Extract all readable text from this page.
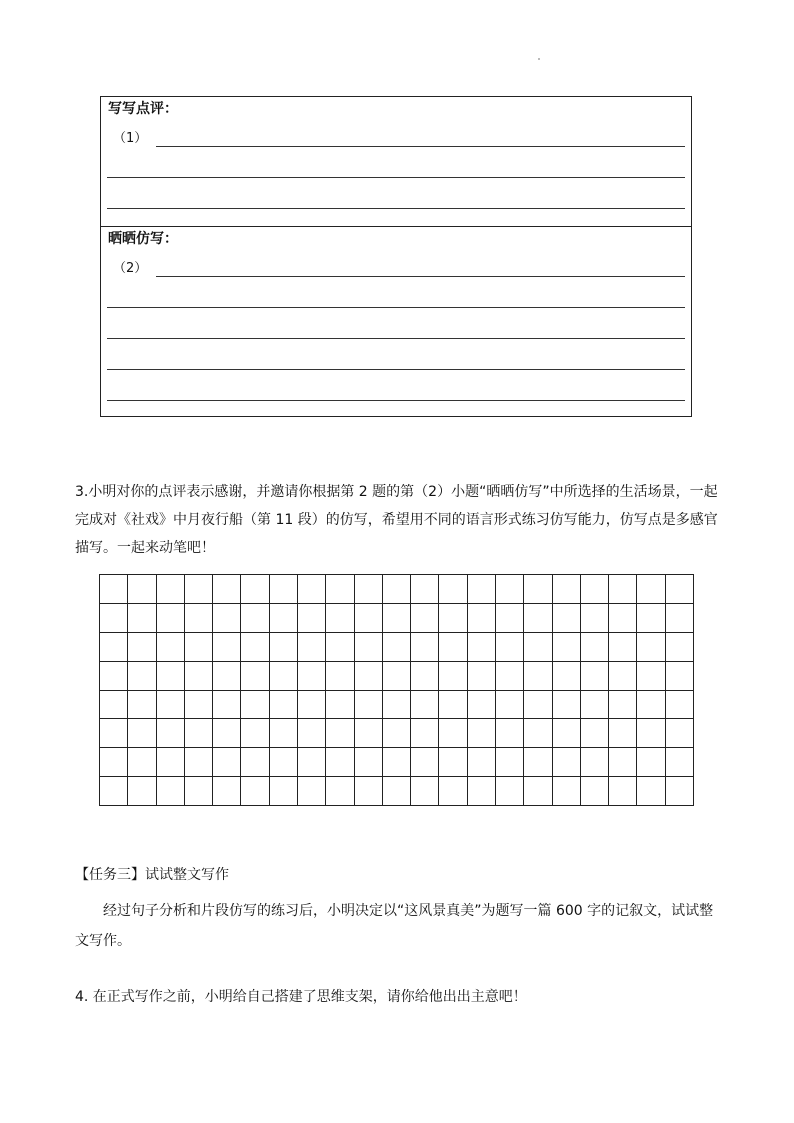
写写点评：
（1）
晒晒仿写：
（2）
3.小明对你的点评表示感谢，并邀请你根据第 2 题的第（2）小题“晒晒仿写”中所选择的生活场景，一起完成对《社戏》中月夜行船（第 11 段）的仿写，希望用不同的语言形式练习仿写能力，仿写点是多感官描写。一起来动笔吧！
【任务三】试试整文写作
经过句子分析和片段仿写的练习后，小明决定以“这风景真美”为题写一篇 600 字的记叙文，试试整文写作。
4. 在正式写作之前，小明给自己搭建了思维支架，请你给他出出主意吧！
